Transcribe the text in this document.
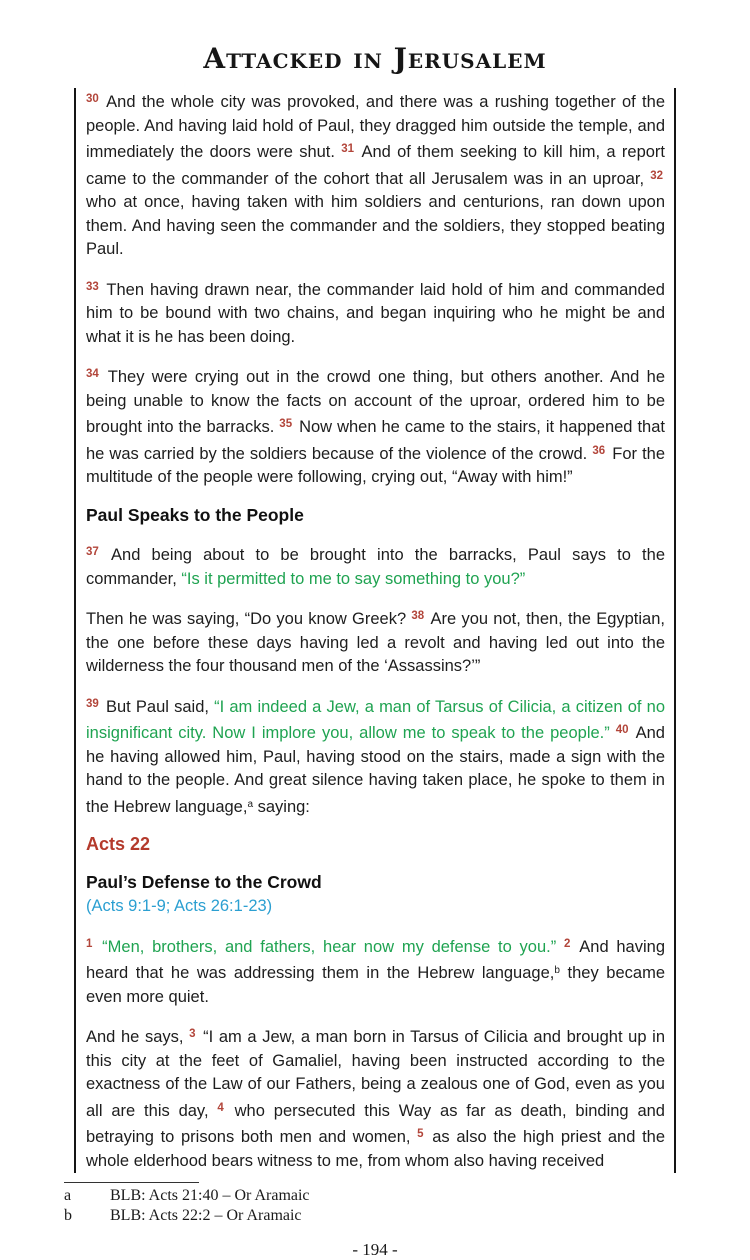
Attacked in Jerusalem

$^{30}$ And the whole city was provoked, and there was a rushing together of the people. And having laid hold of Paul, they dragged him outside the temple, and immediately the doors were shut. $^{31}$ And of them seeking to kill him, a report came to the commander of the cohort that all Jerusalem was in an uproar, $^{32}$ who at once, having taken with him soldiers and centurions, ran down upon them. And having seen the commander and the soldiers, they stopped beating Paul.

$^{33}$ Then having drawn near, the commander laid hold of him and commanded him to be bound with two chains, and began inquiring who he might be and what it is he has been doing.

$^{34}$ They were crying out in the crowd one thing, but others another. And he being unable to know the facts on account of the uproar, ordered him to be brought into the barracks. $^{35}$ Now when he came to the stairs, it happened that he was carried by the soldiers because of the violence of the crowd. $^{36}$ For the multitude of the people were following, crying out, “Away with him!”

Paul Speaks to the People

$^{37}$ And being about to be brought into the barracks, Paul says to the commander, “Is it permitted to me to say something to you?”

Then he was saying, “Do you know Greek? $^{38}$ Are you not, then, the Egyptian, the one before these days having led a revolt and having led out into the wilderness the four thousand men of the ‘Assassins?’”

$^{39}$ But Paul said, “I am indeed a Jew, a man of Tarsus of Cilicia, a citizen of no insignificant city. Now I implore you, allow me to speak to the people.” $^{40}$ And he having allowed him, Paul, having stood on the stairs, made a sign with the hand to the people. And great silence having taken place, he spoke to them in the Hebrew language,$^a$ saying:

Acts 22
Paul’s Defense to the Crowd

(Acts 9:1-9; Acts 26:1-23)

$^1$ “Men, brothers, and fathers, hear now my defense to you.” $^2$ And having heard that he was addressing them in the Hebrew language,$^b$ they became even more quiet.

And he says, $^3$ “I am a Jew, a man born in Tarsus of Cilicia and brought up in this city at the feet of Gamaliel, having been instructed according to the exactness of the Law of our Fathers, being a zealous one of God, even as you all are this day, $^4$ who persecuted this Way as far as death, binding and betraying to prisons both men and women, $^5$ as also the high priest and the whole elderhood bears witness to me, from whom also having received

a	BLB: Acts 21:40 – Or Aramaic
b	BLB: Acts 22:2 – Or Aramaic
- 194 -
